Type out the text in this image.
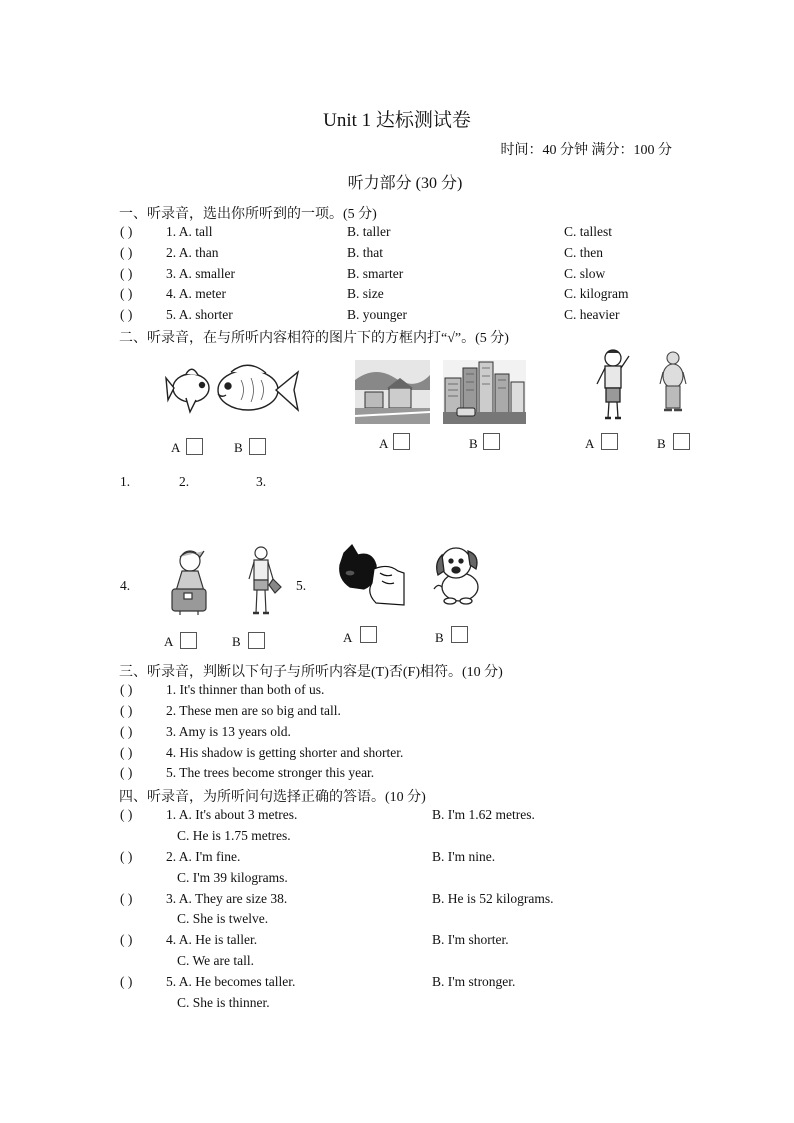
Unit 1 达标测试卷
时间：40 分钟 满分：100 分
听力部分 (30 分)
一、听录音，选出你所听到的一项。(5 分)
( ) 1. A. tall	B. taller	C. tallest
( ) 2. A. than	B. that	C. then
( ) 3. A. smaller	B. smarter	C. slow
( ) 4. A. meter	B. size	C. kilogram
( ) 5. A. shorter	B. younger	C. heavier
二、听录音，在与所听内容相符的图片下的方框内打“√”。(5 分)
A	B	A	B	A	B
1.	2.	3.
4.
A	B
5.
A	B
三、听录音，判断以下句子与所听内容是(T)否(F)相符。(10 分)
( ) 1. It's thinner than both of us.
( ) 2. These men are so big and tall.
( ) 3. Amy is 13 years old.
( ) 4. His shadow is getting shorter and shorter.
( ) 5. The trees become stronger this year.
四、听录音，为所听问句选择正确的答语。(10 分)
( ) 1. A. It's about 3 metres.	B. I'm 1.62 metres.
C. He is 1.75 metres.
( ) 2. A. I'm fine.	B. I'm nine.
C. I'm 39 kilograms.
( ) 3. A. They are size 38.	B. He is 52 kilograms.
C. She is twelve.
( ) 4. A. He is taller.	B. I'm shorter.
C. We are tall.
( ) 5. A. He becomes taller.	B. I'm stronger.
C. She is thinner.
